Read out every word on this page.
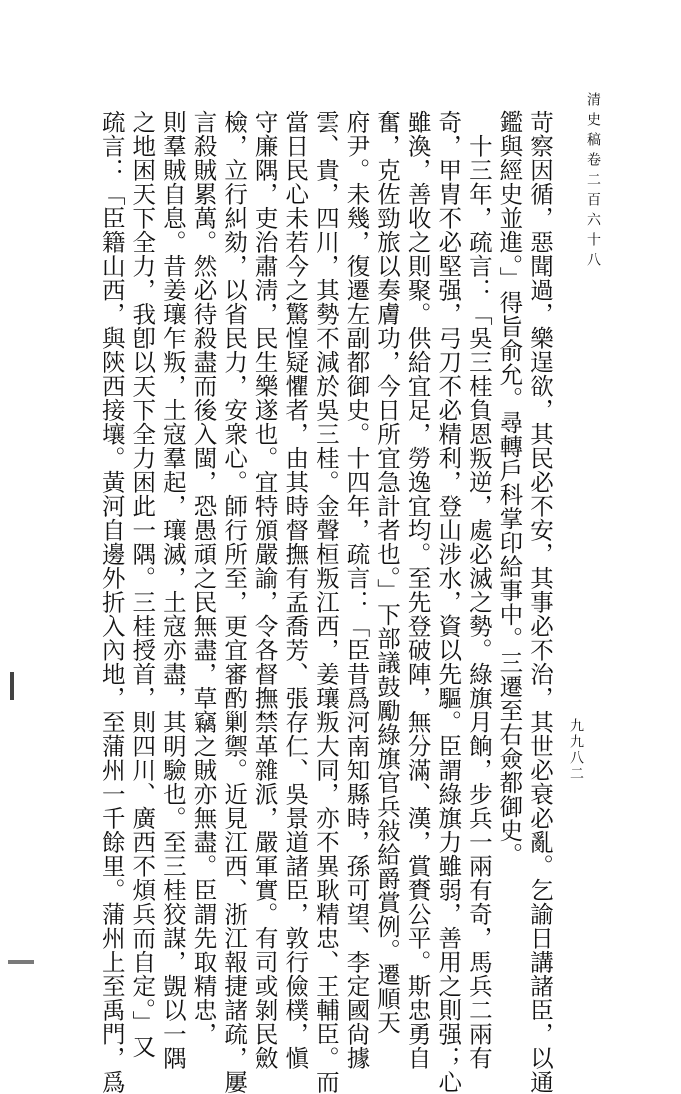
清史稿卷二百六十八
九九八二
苛察因循，惡聞過，樂逞欲，其民必不安，其事必不治，其世必衰必亂。乞諭日講諸臣，以通
鑑與經史並進。」得旨俞允。尋轉戶科掌印給事中。三遷至右僉都御史。
　十三年，疏言：「吳三桂負恩叛逆，處必滅之勢。綠旗月餉，步兵一兩有奇，馬兵二兩有
奇，甲胄不必堅强，弓刀不必精利，登山涉水，資以先驅。臣謂綠旗力雖弱，善用之則强；心
雖渙，善收之則聚。供給宜足，勞逸宜均。至先登破陣，無分滿、漢，賞賚公平。斯忠勇自
奮，克佐勁旅以奏膚功，今日所宜急計者也。」下部議鼓勵綠旗官兵敍給爵賞例。遷順天
府尹。未幾，復遷左副都御史。十四年，疏言：「臣昔爲河南知縣時，孫可望、李定國尙據
雲、貴，四川，其勢不減於吳三桂。金聲桓叛江西，姜瓖叛大同，亦不異耿精忠、王輔臣。而
當日民心未若今之驚惶疑懼者，由其時督撫有孟喬芳、張存仁、吳景道諸臣，敦行儉樸，愼
守廉隅，吏治肅淸，民生樂遂也。宜特頒嚴諭，令各督撫禁革雜派，嚴軍實。有司或剝民斂
檢，立行糾劾，以省民力，安衆心。師行所至，更宜審酌剿禦。近見江西、浙江報捷諸疏，屢
言殺賊累萬。然必待殺盡而後入閩，恐愚頑之民無盡，草竊之賊亦無盡。臣謂先取精忠，
則羣賊自息。昔姜瓖乍叛，土寇羣起，瓖滅，土寇亦盡，其明驗也。至三桂狡謀，覬以一隅
之地困天下全力，我卽以天下全力困此一隅。三桂授首，則四川、廣西不煩兵而自定。」又
疏言：「臣籍山西，與陝西接壤。黃河自邊外折入內地，至蒲州一千餘里。蒲州上至禹門，爲
